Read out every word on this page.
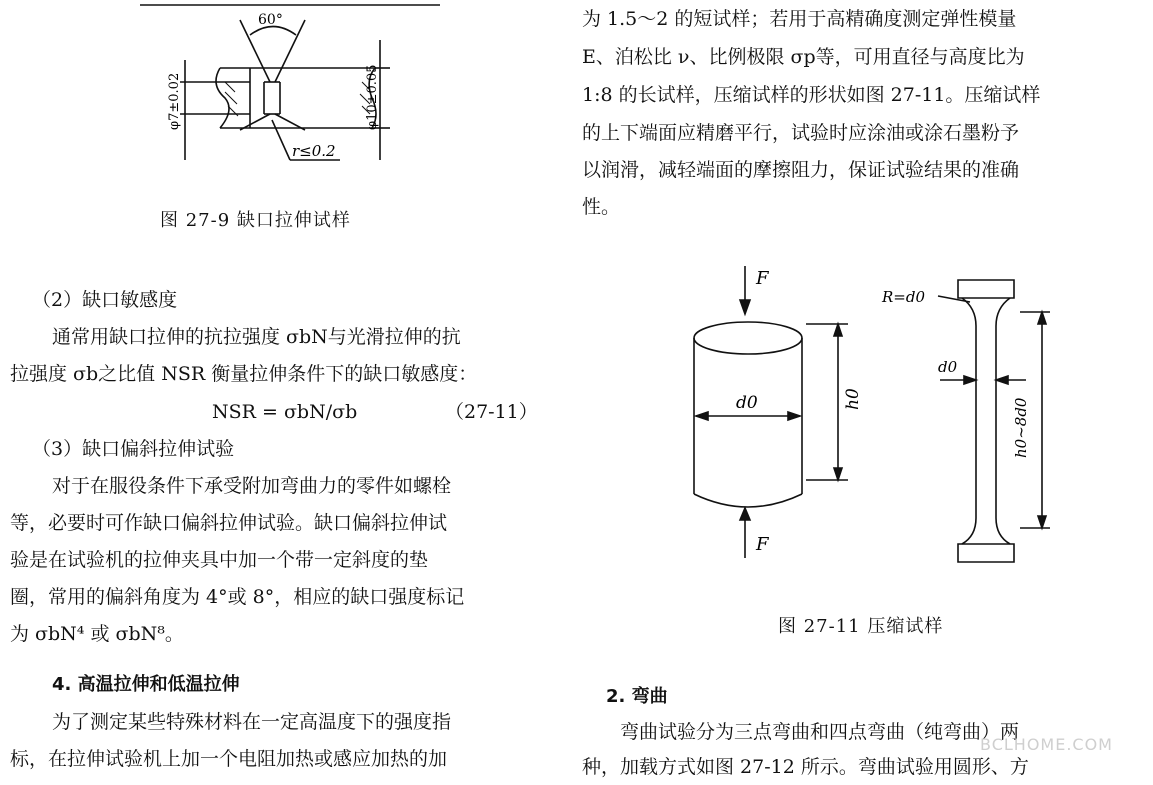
60°
φ7±0.02	φ10±0.05
r≤0.2
图 27-9 缺口拉伸试样
（2）缺口敏感度
通常用缺口拉伸的抗拉强度 σbN与光滑拉伸的抗
拉强度 σb之比值 NSR 衡量拉伸条件下的缺口敏感度：
NSR = σbN/σb	（27-11）
（3）缺口偏斜拉伸试验
对于在服役条件下承受附加弯曲力的零件如螺栓
等，必要时可作缺口偏斜拉伸试验。缺口偏斜拉伸试
验是在试验机的拉伸夹具中加一个带一定斜度的垫
圈，常用的偏斜角度为 4°或 8°，相应的缺口强度标记
为 σbN⁴ 或 σbN⁸。
4. 高温拉伸和低温拉伸
为了测定某些特殊材料在一定高温度下的强度指
标，在拉伸试验机上加一个电阻加热或感应加热的加
为 1.5～2 的短试样；若用于高精确度测定弹性模量
E、泊松比 ν、比例极限 σp等，可用直径与高度比为
1:8 的长试样，压缩试样的形状如图 27-11。压缩试样
的上下端面应精磨平行，试验时应涂油或涂石墨粉予
以润滑，减轻端面的摩擦阻力，保证试验结果的准确
性。
F
F
d0	h0
R=d0
d0
h0~8d0
图 27-11 压缩试样
2. 弯曲
弯曲试验分为三点弯曲和四点弯曲（纯弯曲）两
种，加载方式如图 27-12 所示。弯曲试验用圆形、方
BCLHOME.COM
